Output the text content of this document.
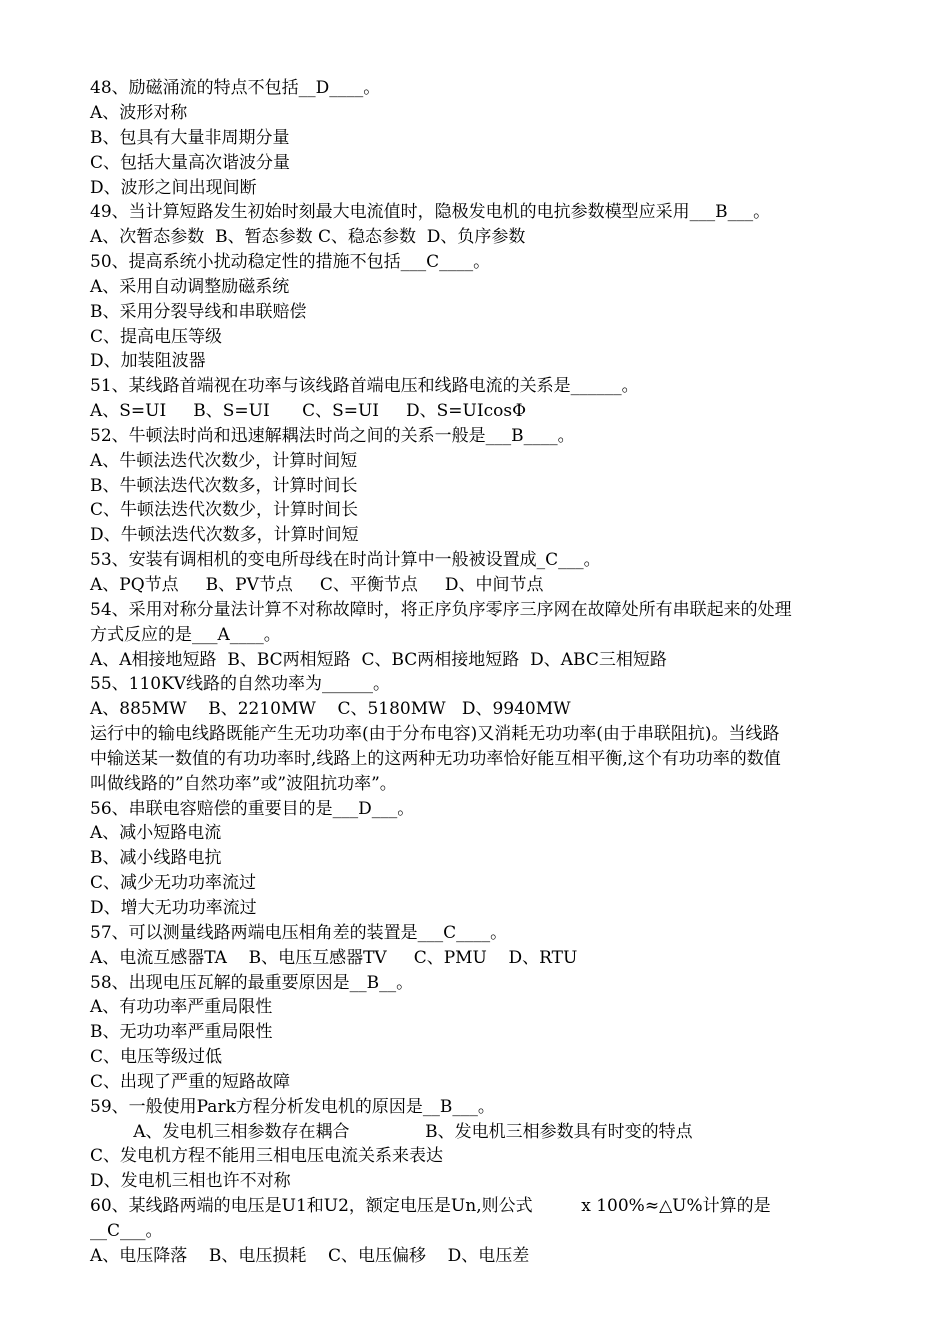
48、励磁涌流的特点不包括__D____。
A、波形对称
B、包具有大量非周期分量
C、包括大量高次谐波分量
D、波形之间出现间断
49、当计算短路发生初始时刻最大电流值时，隐极发电机的电抗参数模型应采用___B___。
A、次暂态参数  B、暂态参数 C、稳态参数  D、负序参数
50、提高系统小扰动稳定性的措施不包括___C____。
A、采用自动调整励磁系统
B、采用分裂导线和串联赔偿
C、提高电压等级
D、加装阻波器
51、某线路首端视在功率与该线路首端电压和线路电流的关系是______。
A、S=UI     B、S=UI      C、S=UI     D、S=UIcosΦ
52、牛顿法时尚和迅速解耦法时尚之间的关系一般是___B____。
A、牛顿法迭代次数少，计算时间短
B、牛顿法迭代次数多，计算时间长
C、牛顿法迭代次数少，计算时间长
D、牛顿法迭代次数多，计算时间短
53、安装有调相机的变电所母线在时尚计算中一般被设置成_C___。
A、PQ节点     B、PV节点     C、平衡节点     D、中间节点
54、采用对称分量法计算不对称故障时，将正序负序零序三序网在故障处所有串联起来的处理
方式反应的是___A____。
A、A相接地短路  B、BC两相短路  C、BC两相接地短路  D、ABC三相短路
55、110KV线路的自然功率为______。
A、885MW    B、2210MW    C、5180MW   D、9940MW
运行中的输电线路既能产生无功功率(由于分布电容)又消耗无功功率(由于串联阻抗)。当线路
中输送某一数值的有功功率时,线路上的这两种无功功率恰好能互相平衡,这个有功功率的数值
叫做线路的”自然功率”或”波阻抗功率”。
56、串联电容赔偿的重要目的是___D___。
A、减小短路电流
B、减小线路电抗
C、减少无功功率流过
D、增大无功功率流过
57、可以测量线路两端电压相角差的装置是___C____。
A、电流互感器TA    B、电压互感器TV     C、PMU    D、RTU
58、出现电压瓦解的最重要原因是__B__。
A、有功功率严重局限性
B、无功功率严重局限性
C、电压等级过低
C、出现了严重的短路故障
59、一般使用Park方程分析发电机的原因是__B___。
A、发电机三相参数存在耦合              B、发电机三相参数具有时变的特点
C、发电机方程不能用三相电压电流关系来表达
D、发电机三相也许不对称
60、某线路两端的电压是U1和U2，额定电压是Un,则公式         x 100%≈△U%计算的是
__C___。
A、电压降落    B、电压损耗    C、电压偏移    D、电压差
